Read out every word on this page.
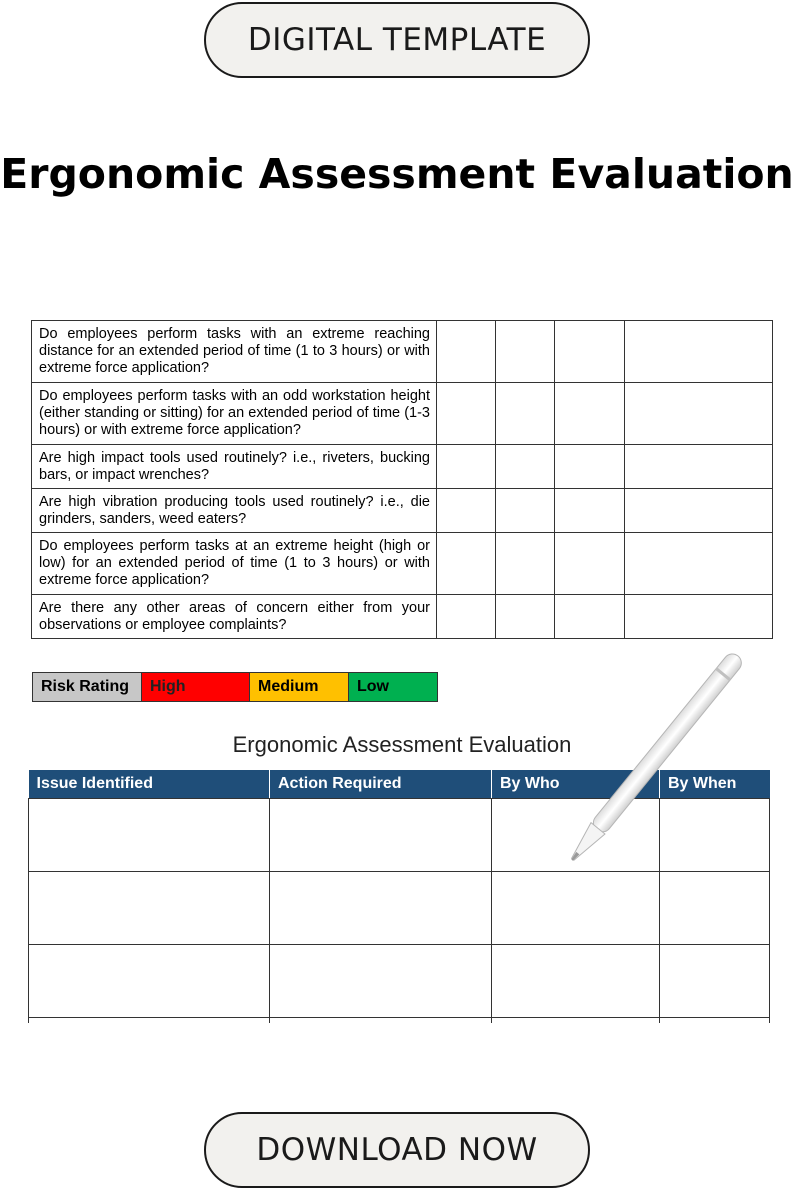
DIGITAL TEMPLATE
Ergonomic Assessment Evaluation
Do employees perform tasks with an extreme reaching distance for an extended period of time (1 to 3 hours) or with extreme force application?				
Do employees perform tasks with an odd workstation height (either standing or sitting) for an extended period of time (1-3 hours) or with extreme force application?				
Are high impact tools used routinely? i.e., riveters, bucking bars, or impact wrenches?				
Are high vibration producing tools used routinely? i.e., die grinders, sanders, weed eaters?				
Do employees perform tasks at an extreme height (high or low) for an extended period of time (1 to 3 hours) or with extreme force application?				
Are there any other areas of concern either from your observations or employee complaints?				
Risk Rating	High	Medium	Low
Ergonomic Assessment Evaluation
Issue Identified	Action Required	By Who	By When

DOWNLOAD NOW
